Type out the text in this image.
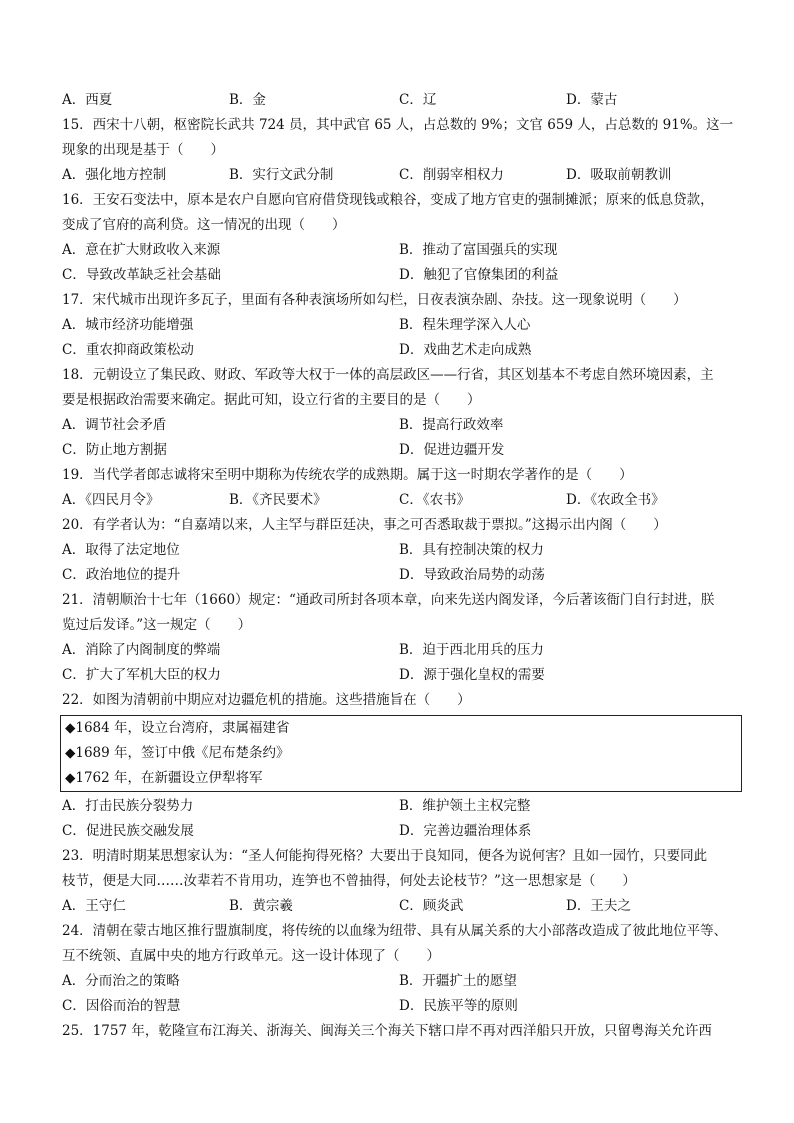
A．西夏	B．金	C．辽	D．蒙古
15．西宋十八朝，枢密院长武共 724 员，其中武官 65 人，占总数的 9%；文官 659 人，占总数的 91%。这一
现象的出现是基于（　　）
A．强化地方控制	B．实行文武分制	C．削弱宰相权力	D．吸取前朝教训
16．王安石变法中，原本是农户自愿向官府借贷现钱或粮谷，变成了地方官吏的强制摊派；原来的低息贷款，
变成了官府的高利贷。这一情况的出现（　　）
A．意在扩大财政收入来源	B．推动了富国强兵的实现
C．导致改革缺乏社会基础	D．触犯了官僚集团的利益
17．宋代城市出现许多瓦子，里面有各种表演场所如勾栏，日夜表演杂剧、杂技。这一现象说明（　　）
A．城市经济功能增强	B．程朱理学深入人心
C．重农抑商政策松动	D．戏曲艺术走向成熟
18．元朝设立了集民政、财政、军政等大权于一体的高层政区——行省，其区划基本不考虑自然环境因素，主
要是根据政治需要来确定。据此可知，设立行省的主要目的是（　　）
A．调节社会矛盾	B．提高行政效率
C．防止地方割据	D．促进边疆开发
19．当代学者郎志诚将宋至明中期称为传统农学的成熟期。属于这一时期农学著作的是（　　）
A．《四民月令》	B．《齐民要术》	C．《农书》	D．《农政全书》
20．有学者认为：“自嘉靖以来，人主罕与群臣廷决，事之可否悉取裁于票拟。”这揭示出内阁（　　）
A．取得了法定地位	B．具有控制决策的权力
C．政治地位的提升	D．导致政治局势的动荡
21．清朝顺治十七年（1660）规定：“通政司所封各项本章，向来先送内阁发译，今后著该衙门自行封进，朕
览过后发译。”这一规定（　　）
A．消除了内阁制度的弊端	B．迫于西北用兵的压力
C．扩大了军机大臣的权力	D．源于强化皇权的需要
22．如图为清朝前中期应对边疆危机的措施。这些措施旨在（　　）
◆1684 年，设立台湾府，隶属福建省
◆1689 年，签订中俄《尼布楚条约》
◆1762 年，在新疆设立伊犁将军
A．打击民族分裂势力	B．维护领土主权完整
C．促进民族交融发展	D．完善边疆治理体系
23．明清时期某思想家认为：“圣人何能拘得死格？大要出于良知同，便各为说何害？且如一园竹，只要同此
枝节，便是大同……汝辈若不肯用功，连笋也不曾抽得，何处去论枝节？”这一思想家是（　　）
A．王守仁	B．黄宗羲	C．顾炎武	D．王夫之
24．清朝在蒙古地区推行盟旗制度，将传统的以血缘为纽带、具有从属关系的大小部落改造成了彼此地位平等、
互不统领、直属中央的地方行政单元。这一设计体现了（　　）
A．分而治之的策略	B．开疆扩土的愿望
C．因俗而治的智慧	D．民族平等的原则
25．1757 年，乾隆宣布江海关、浙海关、闽海关三个海关下辖口岸不再对西洋船只开放，只留粤海关允许西
